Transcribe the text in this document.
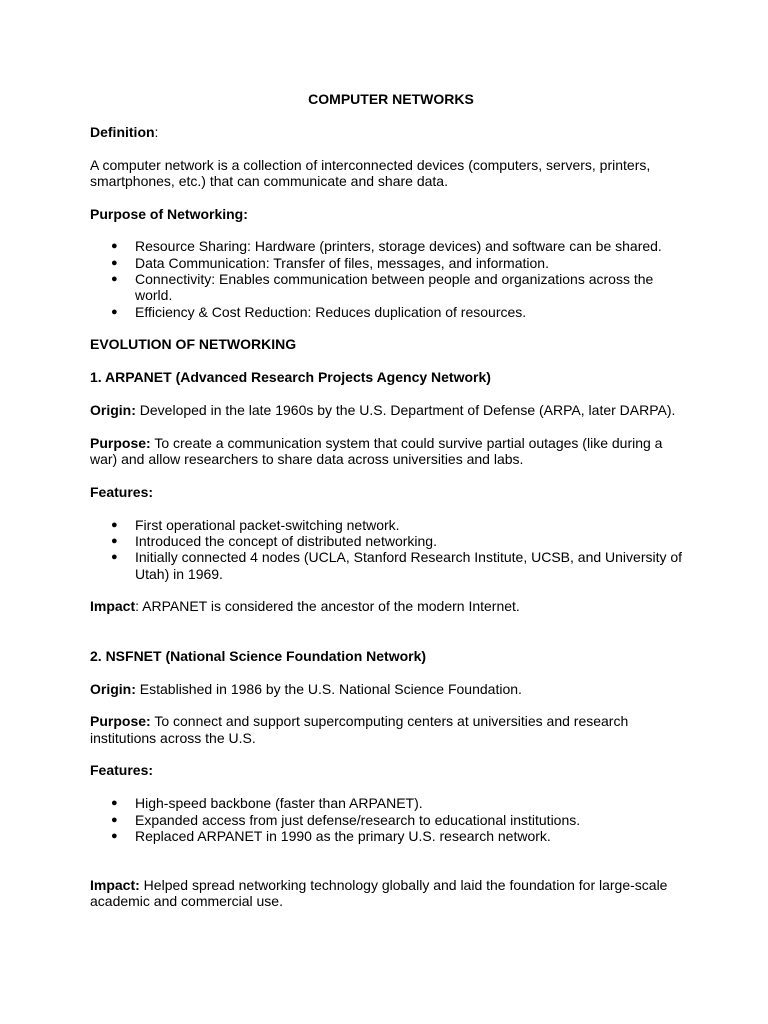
COMPUTER NETWORKS

Definition:

A computer network is a collection of interconnected devices (computers, servers, printers, smartphones, etc.) that can communicate and share data.

Purpose of Networking:

● Resource Sharing: Hardware (printers, storage devices) and software can be shared.
● Data Communication: Transfer of files, messages, and information.
● Connectivity: Enables communication between people and organizations across the world.
● Efficiency & Cost Reduction: Reduces duplication of resources.

EVOLUTION OF NETWORKING

1. ARPANET (Advanced Research Projects Agency Network)

Origin: Developed in the late 1960s by the U.S. Department of Defense (ARPA, later DARPA).

Purpose: To create a communication system that could survive partial outages (like during a war) and allow researchers to share data across universities and labs.

Features:

● First operational packet-switching network.
● Introduced the concept of distributed networking.
● Initially connected 4 nodes (UCLA, Stanford Research Institute, UCSB, and University of Utah) in 1969.

Impact: ARPANET is considered the ancestor of the modern Internet.

2. NSFNET (National Science Foundation Network)

Origin: Established in 1986 by the U.S. National Science Foundation.

Purpose: To connect and support supercomputing centers at universities and research institutions across the U.S.

Features:

● High-speed backbone (faster than ARPANET).
● Expanded access from just defense/research to educational institutions.
● Replaced ARPANET in 1990 as the primary U.S. research network.

Impact: Helped spread networking technology globally and laid the foundation for large-scale academic and commercial use.
